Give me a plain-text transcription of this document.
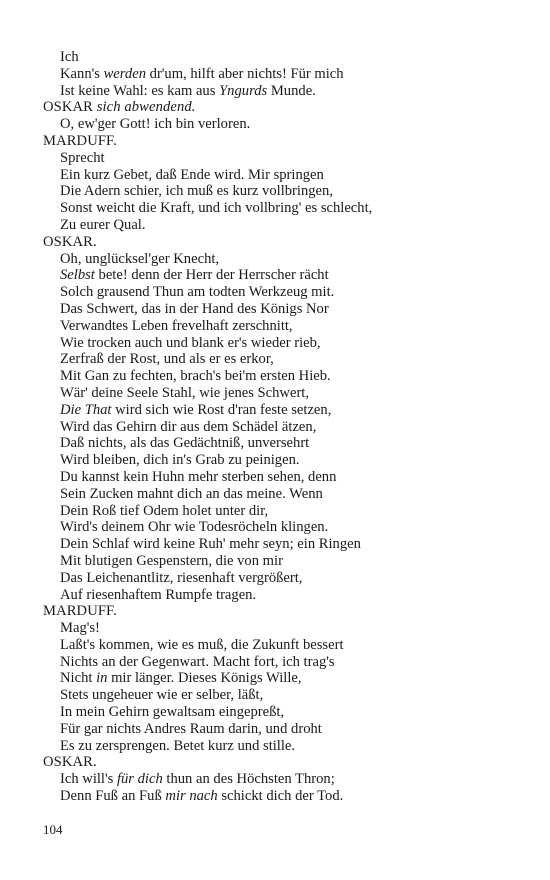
Ich
Kann's werden dr'um, hilft aber nichts! Für mich
Ist keine Wahl: es kam aus Yngurds Munde.
OSKAR sich abwendend.
O, ew'ger Gott! ich bin verloren.
MARDUFF.
Sprecht
Ein kurz Gebet, daß Ende wird. Mir springen
Die Adern schier, ich muß es kurz vollbringen,
Sonst weicht die Kraft, und ich vollbring' es schlecht,
Zu eurer Qual.
OSKAR.
Oh, unglücksel'ger Knecht,
Selbst bete! denn der Herr der Herrscher rächt
Solch grausend Thun am todten Werkzeug mit.
Das Schwert, das in der Hand des Königs Nor
Verwandtes Leben frevelhaft zerschnitt,
Wie trocken auch und blank er's wieder rieb,
Zerfraß der Rost, und als er es erkor,
Mit Gan zu fechten, brach's bei'm ersten Hieb.
Wär' deine Seele Stahl, wie jenes Schwert,
Die That wird sich wie Rost d'ran feste setzen,
Wird das Gehirn dir aus dem Schädel ätzen,
Daß nichts, als das Gedächtniß, unversehrt
Wird bleiben, dich in's Grab zu peinigen.
Du kannst kein Huhn mehr sterben sehen, denn
Sein Zucken mahnt dich an das meine. Wenn
Dein Roß tief Odem holet unter dir,
Wird's deinem Ohr wie Todesröcheln klingen.
Dein Schlaf wird keine Ruh' mehr seyn; ein Ringen
Mit blutigen Gespenstern, die von mir
Das Leichenantlitz, riesenhaft vergrößert,
Auf riesenhaftem Rumpfe tragen.
MARDUFF.
Mag's!
Laßt's kommen, wie es muß, die Zukunft bessert
Nichts an der Gegenwart. Macht fort, ich trag's
Nicht in mir länger. Dieses Königs Wille,
Stets ungeheuer wie er selber, läßt,
In mein Gehirn gewaltsam eingepreßt,
Für gar nichts Andres Raum darin, und droht
Es zu zersprengen. Betet kurz und stille.
OSKAR.
Ich will's für dich thun an des Höchsten Thron;
Denn Fuß an Fuß mir nach schickt dich der Tod.
104
